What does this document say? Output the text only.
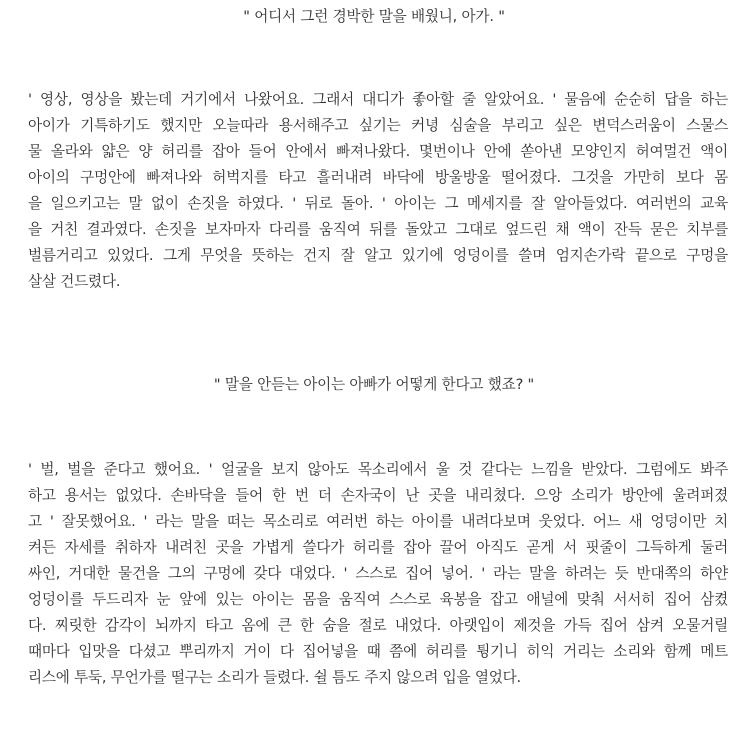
" 어디서 그런 경박한 말을 배웠니, 아가. "
' 영상, 영상을 봤는데 거기에서 나왔어요. 그래서 대디가 좋아할 줄 알았어요. ' 물음에 순순히 답을 하는
아이가 기특하기도 했지만 오늘따라 용서해주고 싶기는 커녕 심술을 부리고 싶은 변덕스러움이 스물스
물 올라와 얇은 양 허리를 잡아 들어 안에서 빠져나왔다. 몇번이나 안에 쏟아낸 모양인지 허여멀건 액이
아이의 구멍안에 빠져나와 허벅지를 타고 흘러내려 바닥에 방울방울 떨어졌다. 그것을 가만히 보다 몸
을 일으키고는 말 없이 손짓을 하였다. ' 뒤로 돌아. ' 아이는 그 메세지를 잘 알아들었다. 여러번의 교육
을 거친 결과였다. 손짓을 보자마자 다리를 움직여 뒤를 돌았고 그대로 엎드린 채 액이 잔득 묻은 치부를
벌름거리고 있었다. 그게 무엇을 뜻하는 건지 잘 알고 있기에 엉덩이를 쓸며 엄지손가락 끝으로 구멍을
살살 건드렸다.
" 말을 안듣는 아이는 아빠가 어떻게 한다고 했죠? "
' 벌, 벌을 준다고 했어요. ' 얼굴을 보지 않아도 목소리에서 울 것 같다는 느낌을 받았다. 그럼에도 봐주
하고 용서는 없었다. 손바닥을 들어 한 번 더 손자국이 난 곳을 내리쳤다. 으앙 소리가 방안에 울려퍼졌
고 ' 잘못했어요. ' 라는 말을 떠는 목소리로 여러번 하는 아이를 내려다보며 웃었다. 어느 새 엉덩이만 치
켜든 자세를 취하자 내려친 곳을 가볍게 쓸다가 허리를 잡아 끌어 아직도 곧게 서 핏줄이 그득하게 둘러
싸인, 거대한 물건을 그의 구멍에 갖다 대었다. ' 스스로 집어 넣어. ' 라는 말을 하려는 듯 반대쪽의 하얀
엉덩이를 두드리자 눈 앞에 있는 아이는 몸을 움직여 스스로 육봉을 잡고 애널에 맞춰 서서히 집어 삼켰
다. 찌릿한 감각이 뇌까지 타고 옴에 큰 한 숨을 절로 내었다. 아랫입이 제것을 가득 집어 삼켜 오물거릴
때마다 입맛을 다셨고 뿌리까지 거이 다 집어넣을 때 쯤에 허리를 튕기니 히익 거리는 소리와 함께 메트
리스에 투둑, 무언가를 떨구는 소리가 들렸다. 쉴 틈도 주지 않으려 입을 열었다.
